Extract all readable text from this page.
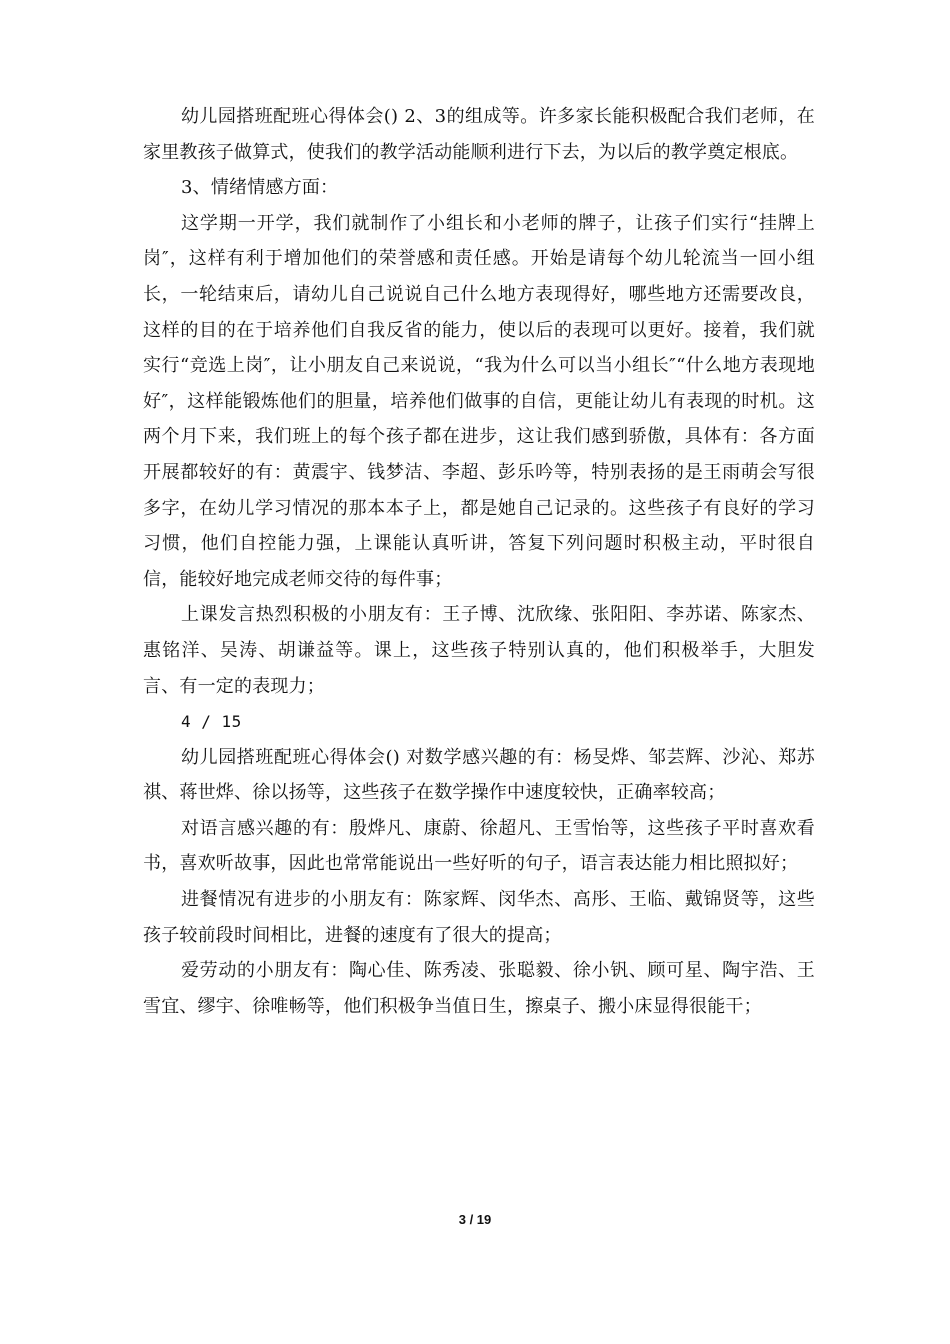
幼儿园搭班配班心得体会() 2、3的组成等。许多家长能积极配合我们老师，在家里教孩子做算式，使我们的教学活动能顺利进行下去，为以后的教学奠定根底。

3、情绪情感方面：

这学期一开学，我们就制作了小组长和小老师的牌子，让孩子们实行“挂牌上岗″，这样有利于增加他们的荣誉感和责任感。开始是请每个幼儿轮流当一回小组长，一轮结束后，请幼儿自己说说自己什么地方表现得好，哪些地方还需要改良，这样的目的在于培养他们自我反省的能力，使以后的表现可以更好。接着，我们就实行“竞选上岗″，让小朋友自己来说说，“我为什么可以当小组长″“什么地方表现地好″，这样能锻炼他们的胆量，培养他们做事的自信，更能让幼儿有表现的时机。这两个月下来，我们班上的每个孩子都在进步，这让我们感到骄傲，具体有：各方面开展都较好的有：黄震宇、钱梦洁、李超、彭乐吟等，特别表扬的是王雨萌会写很多字，在幼儿学习情况的那本本子上，都是她自己记录的。这些孩子有良好的学习习惯，他们自控能力强，上课能认真听讲，答复下列问题时积极主动，平时很自信，能较好地完成老师交待的每件事；

上课发言热烈积极的小朋友有：王子博、沈欣缘、张阳阳、李苏诺、陈家杰、惠铭洋、吴涛、胡谦益等。课上，这些孩子特别认真的，他们积极举手，大胆发言、有一定的表现力；

4 / 15

幼儿园搭班配班心得体会() 对数学感兴趣的有：杨旻烨、邹芸辉、沙沁、郑苏祺、蒋世烨、徐以扬等，这些孩子在数学操作中速度较快，正确率较高；

对语言感兴趣的有：殷烨凡、康蔚、徐超凡、王雪怡等，这些孩子平时喜欢看书，喜欢听故事，因此也常常能说出一些好听的句子，语言表达能力相比照拟好；

进餐情况有进步的小朋友有：陈家辉、闵华杰、高彤、王临、戴锦贤等，这些孩子较前段时间相比，进餐的速度有了很大的提高；

爱劳动的小朋友有：陶心佳、陈秀凌、张聪毅、徐小钒、顾可星、陶宇浩、王雪宜、缪宇、徐唯畅等，他们积极争当值日生，擦桌子、搬小床显得很能干；

3 / 19
